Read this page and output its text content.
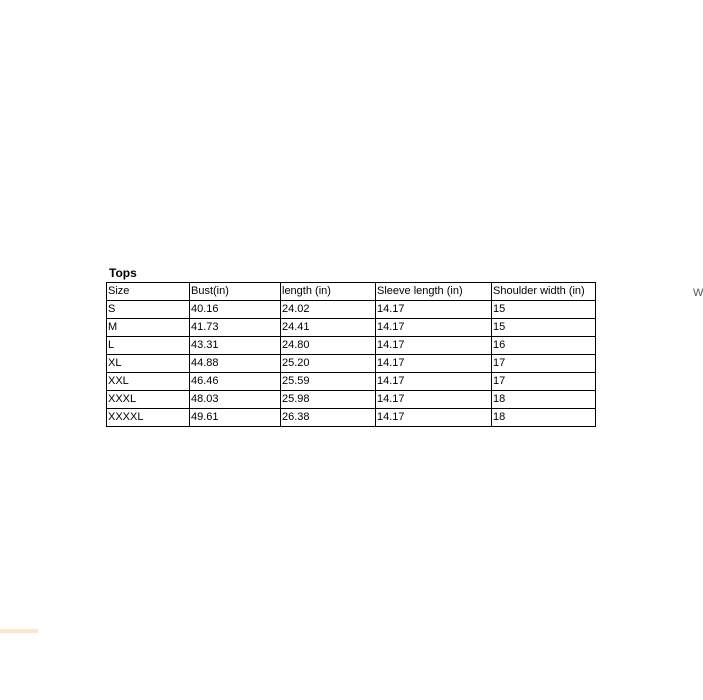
Tops
Size	Bust(in)	length (in)	Sleeve length (in)	Shoulder width (in)
S	40.16	24.02	14.17	15
M	41.73	24.41	14.17	15
L	43.31	24.80	14.17	16
XL	44.88	25.20	14.17	17
XXL	46.46	25.59	14.17	17
XXXL	48.03	25.98	14.17	18
XXXXL	49.61	26.38	14.17	18
W
